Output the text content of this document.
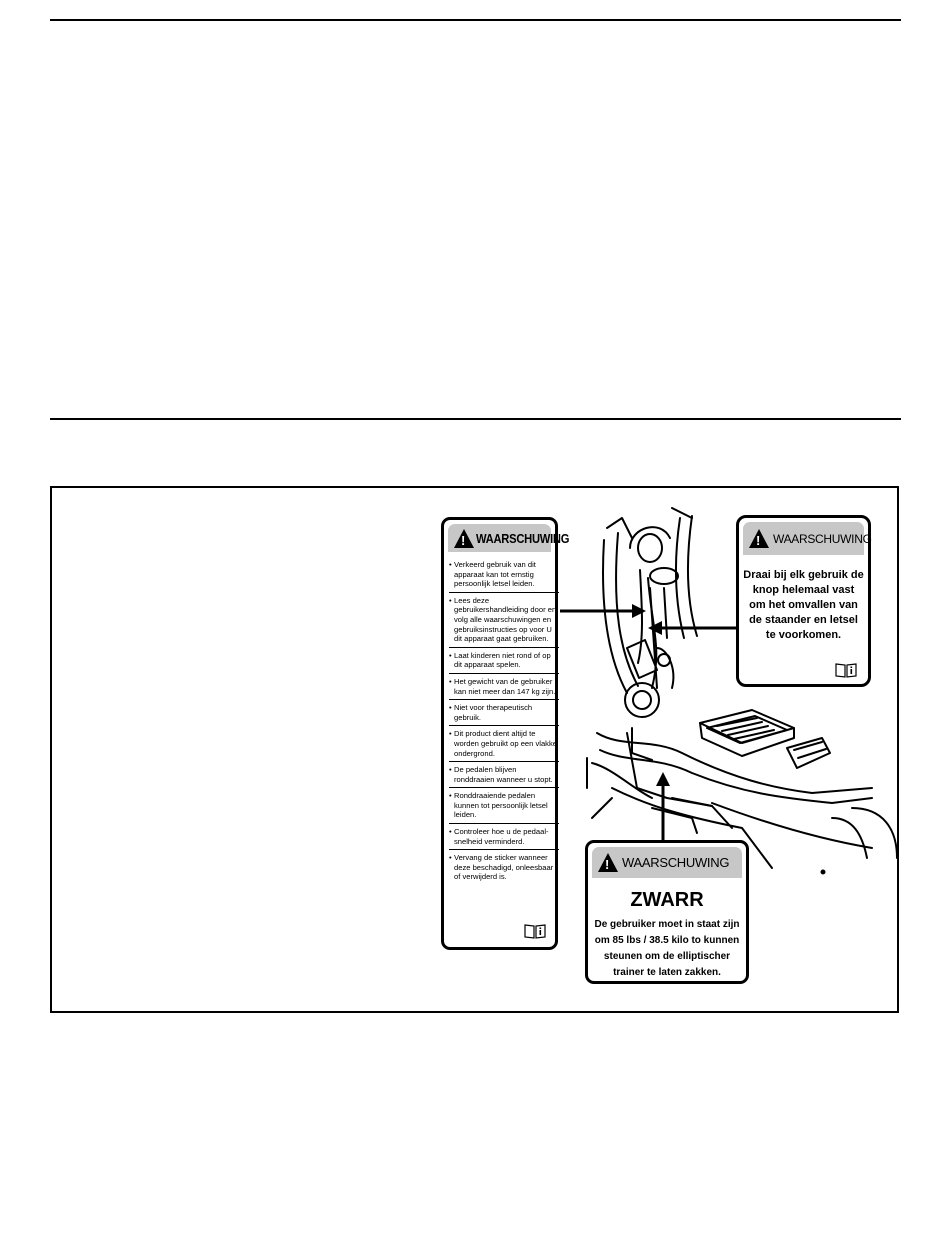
!
WAARSCHUWING
• Verkeerd gebruik van dit apparaat kan tot ernstig persoonlijk letsel leiden.
• Lees deze gebruikershandleiding door en volg alle waarschuwingen en gebruiksinstructies op voor U dit apparaat gaat gebruiken.
• Laat kinderen niet rond of op dit apparaat spelen.
• Het gewicht van de gebruiker kan niet meer dan 147 kg zijn.
• Niet voor therapeutisch gebruik.
• Dit product dient altijd te worden gebruikt op een vlakke ondergrond.
• De pedalen blijven ronddraaien wanneer u stopt.
• Ronddraaiende pedalen kunnen tot persoonlijk letsel leiden.
• Controleer hoe u de pedaal-snelheid verminderd.
• Vervang de sticker wanneer deze beschadigd, onleesbaar of verwijderd is.
!
WAARSCHUWING
Draai bij elk gebruik de knop helemaal vast om het omvallen van de staander en letsel te voorkomen.
!
WAARSCHUWING
ZWARR
De gebruiker moet in staat zijn om 85 lbs / 38.5 kilo to kunnen steunen om de elliptischer trainer te laten zakken.
